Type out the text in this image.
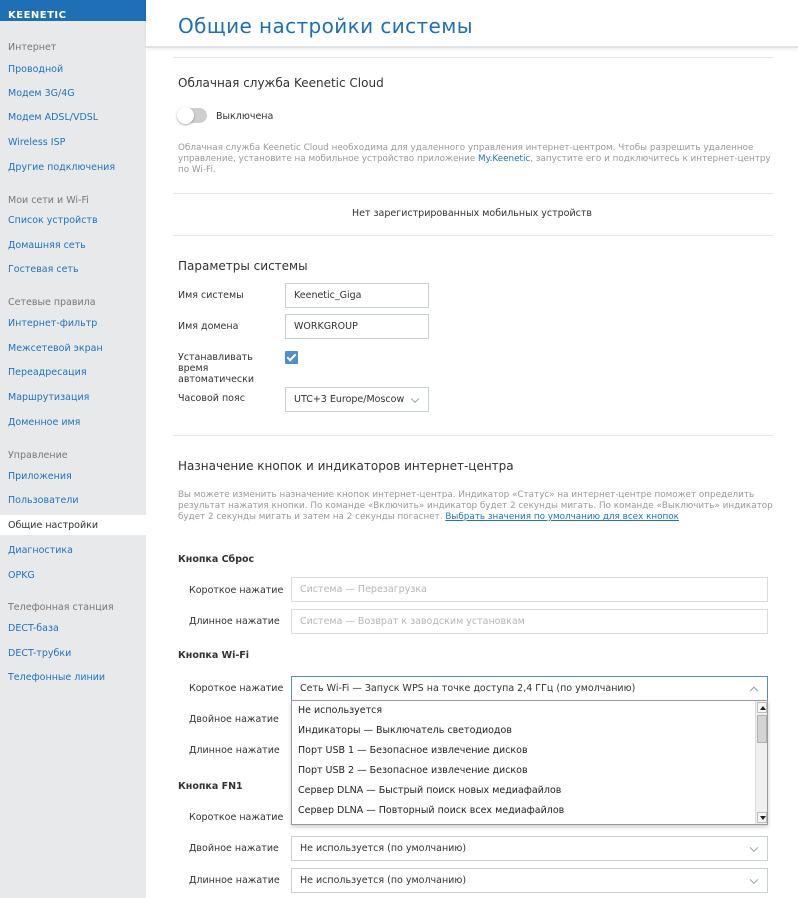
KEENETIC
Интернет
Проводной
Модем 3G/4G
Модем ADSL/VDSL
Wireless ISP
Другие подключения
Мои сети и Wi-Fi
Список устройств
Домашняя сеть
Гостевая сеть
Сетевые правила
Интернет-фильтр
Межсетевой экран
Переадресация
Маршрутизация
Доменное имя
Управление
Приложения
Пользователи
Общие настройки
Диагностика
OPKG
Телефонная станция
DECT-база
DECT-трубки
Телефонные линии
Общие настройки системы
Облачная служба Keenetic Cloud
Выключена
Облачная служба Keenetic Cloud необходима для удаленного управления интернет-центром. Чтобы разрешить удаленное управление, установите на мобильное устройство приложение My.Keenetic, запустите его и подключитесь к интернет-центру по Wi-Fi.
Нет зарегистрированных мобильных устройств
Параметры системы
Имя системы	Keenetic_Giga
Имя домена	WORKGROUP
Устанавливать
время
автоматически
Часовой пояс	UTC+3 Europe/Moscow
Назначение кнопок и индикаторов интернет-центра
Вы можете изменить назначение кнопок интернет-центра. Индикатор «Статус» на интернет-центре поможет определить результат нажатия кнопки. По команде «Включить» индикатор будет 2 секунды мигать. По команде «Выключить» индикатор будет 2 секунды мигать и затем на 2 секунды погаснет. Выбрать значения по умолчанию для всех кнопок
Кнопка Сброс
Короткое нажатие Система — Перезагрузка
Длинное нажатие Система — Возврат к заводским установкам
Кнопка Wi-Fi
Короткое нажатие Сеть Wi-Fi — Запуск WPS на точке доступа 2,4 ГГц (по умолчанию)
Двойное нажатие
Длинное нажатие
Кнопка FN1
Короткое нажатие
Двойное нажатие Не используется (по умолчанию)
Длинное нажатие Не используется (по умолчанию)
Не используется
Индикаторы — Выключатель светодиодов
Порт USB 1 — Безопасное извлечение дисков
Порт USB 2 — Безопасное извлечение дисков
Сервер DLNA — Быстрый поиск новых медиафайлов
Сервер DLNA — Повторный поиск всех медиафайлов
